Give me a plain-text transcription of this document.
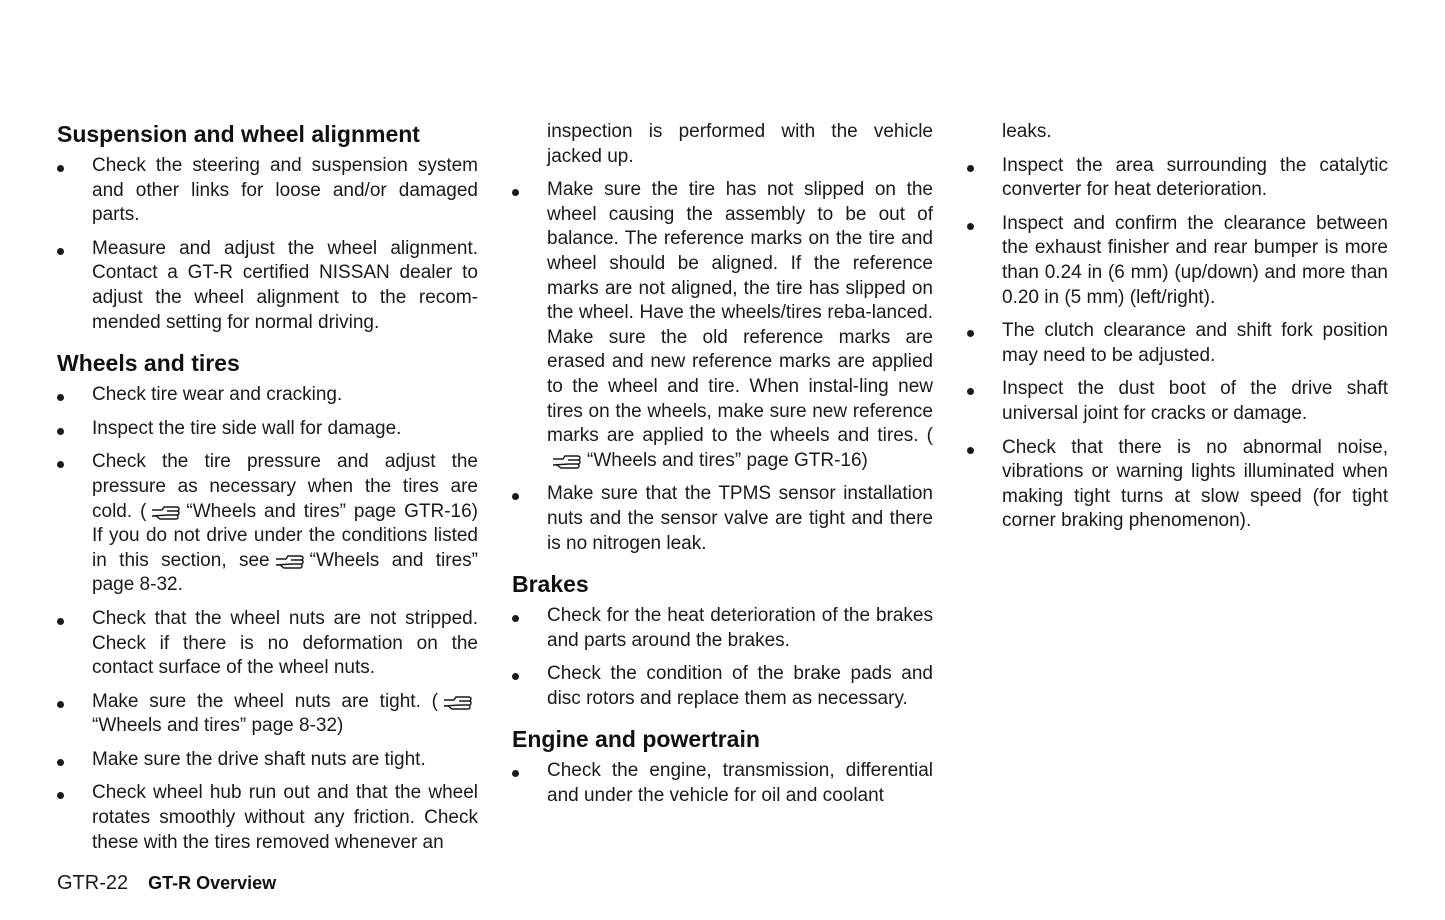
Suspension and wheel alignment
Check the steering and suspension system and other links for loose and/or damaged parts.
Measure and adjust the wheel alignment. Contact a GT-R certified NISSAN dealer to adjust the wheel alignment to the recom-mended setting for normal driving.
Wheels and tires
Check tire wear and cracking.
Inspect the tire side wall for damage.
Check the tire pressure and adjust the pressure as necessary when the tires are cold. ( “Wheels and tires” page GTR-16) If you do not drive under the conditions listed in this section, see “Wheels and tires” page 8-32.
Check that the wheel nuts are not stripped. Check if there is no deformation on the contact surface of the wheel nuts.
Make sure the wheel nuts are tight. (
“Wheels and tires” page 8-32)
Make sure the drive shaft nuts are tight.
Check wheel hub run out and that the wheel rotates smoothly without any friction. Check these with the tires removed whenever an

inspection is performed with the vehicle jacked up.

Make sure the tire has not slipped on the wheel causing the assembly to be out of balance. The reference marks on the tire and wheel should be aligned. If the reference marks are not aligned, the tire has slipped on the wheel. Have the wheels/tires reba-lanced. Make sure the old reference marks are erased and new reference marks are applied to the wheel and tire. When instal-ling new tires on the wheels, make sure new reference marks are applied to the wheels and tires. (
“Wheels and tires” page GTR-16)
Make sure that the TPMS sensor installation nuts and the sensor valve are tight and there is no nitrogen leak.
Brakes
Check for the heat deterioration of the brakes and parts around the brakes.
Check the condition of the brake pads and disc rotors and replace them as necessary.
Engine and powertrain
Check the engine, transmission, differential and under the vehicle for oil and coolant

leaks.

Inspect the area surrounding the catalytic converter for heat deterioration.
Inspect and confirm the clearance between the exhaust finisher and rear bumper is more than 0.24 in (6 mm) (up/down) and more than 0.20 in (5 mm) (left/right).
The clutch clearance and shift fork position may need to be adjusted.
Inspect the dust boot of the drive shaft universal joint for cracks or damage.
Check that there is no abnormal noise, vibrations or warning lights illuminated when making tight turns at slow speed (for tight corner braking phenomenon).
GTR-22 GT-R Overview
